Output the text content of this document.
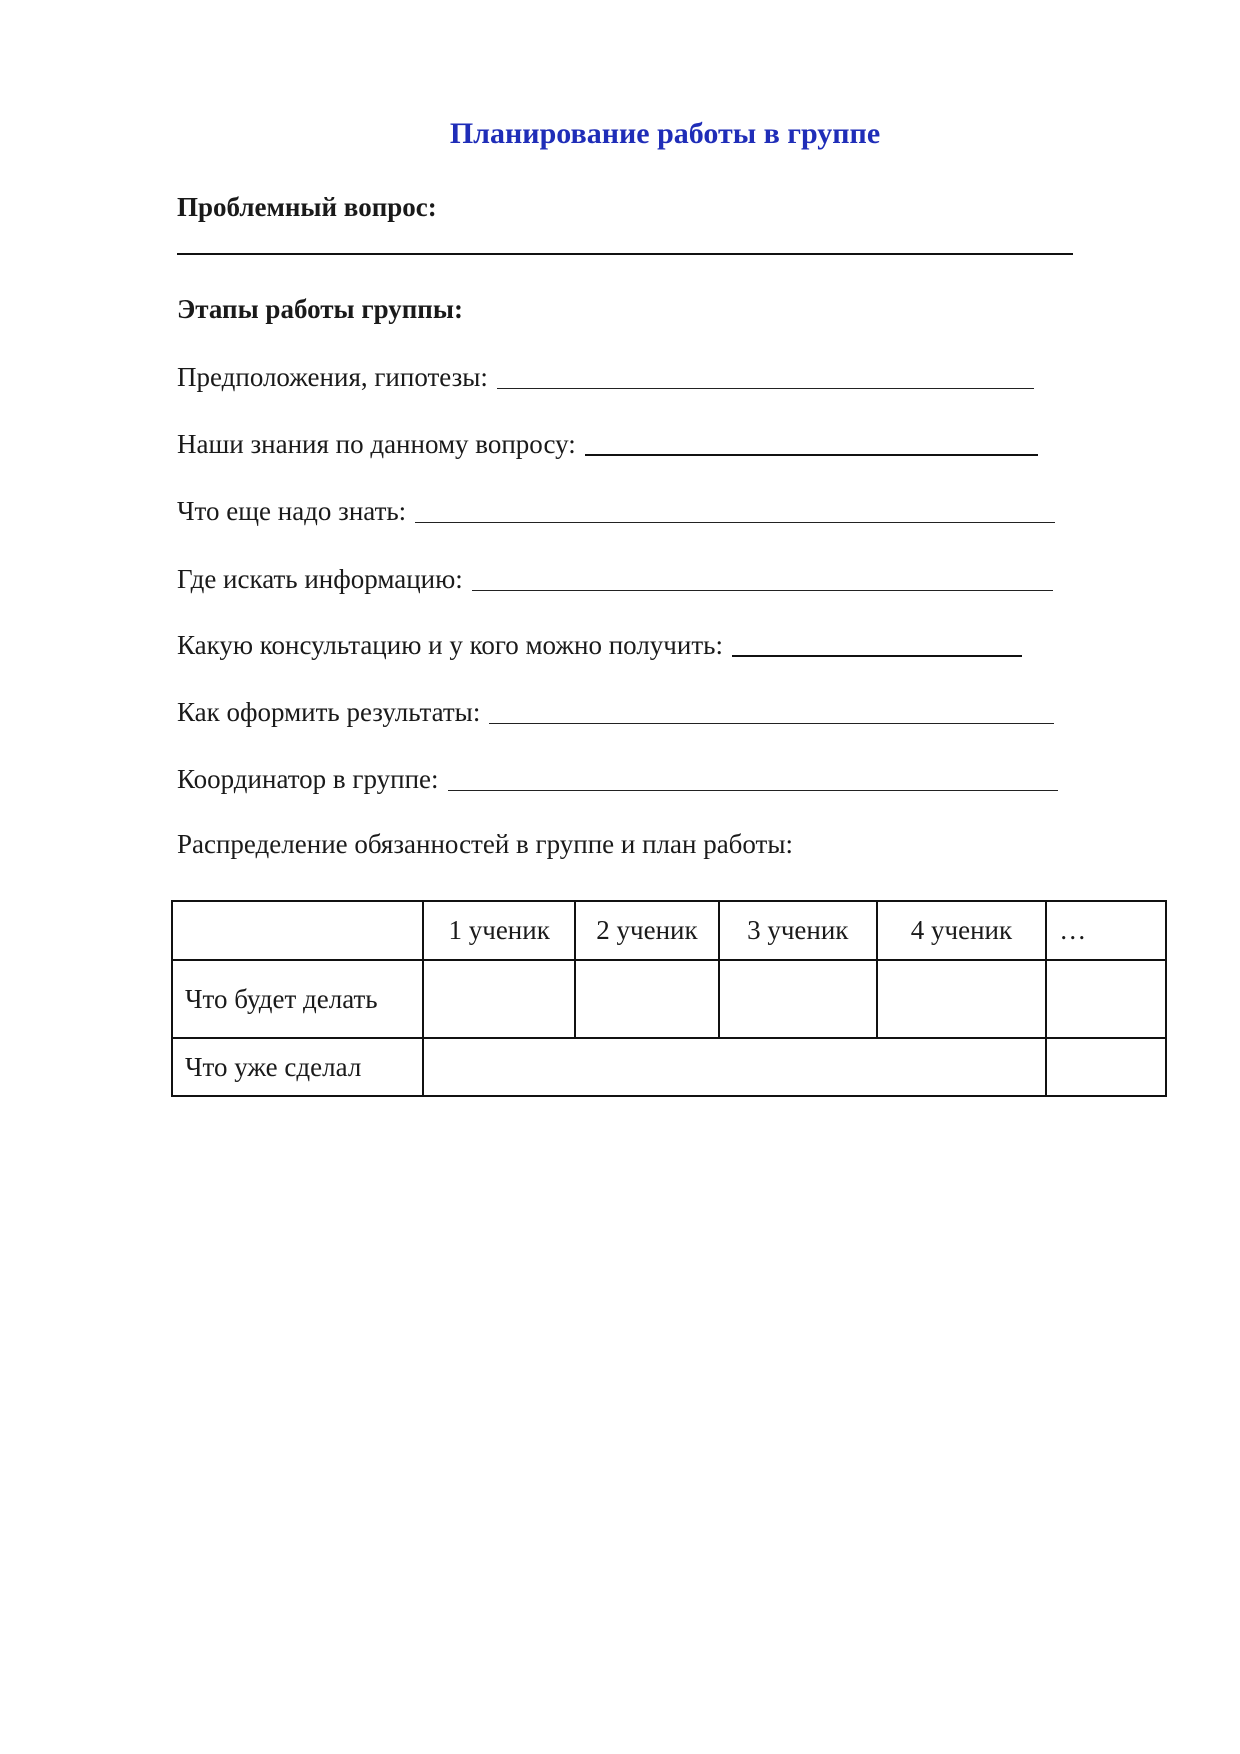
Планирование работы в группе
Проблемный вопрос:
Этапы работы группы:
Предположения, гипотезы:
Наши знания по данному вопросу:
Что еще надо знать:
Где искать информацию:
Какую консультацию и у кого можно получить:
Как оформить результаты:
Координатор в группе:
Распределение обязанностей в группе и план работы:
	1 ученик	2 ученик	3 ученик	4 ученик	…
Что будет делать					
Что уже сделал					
